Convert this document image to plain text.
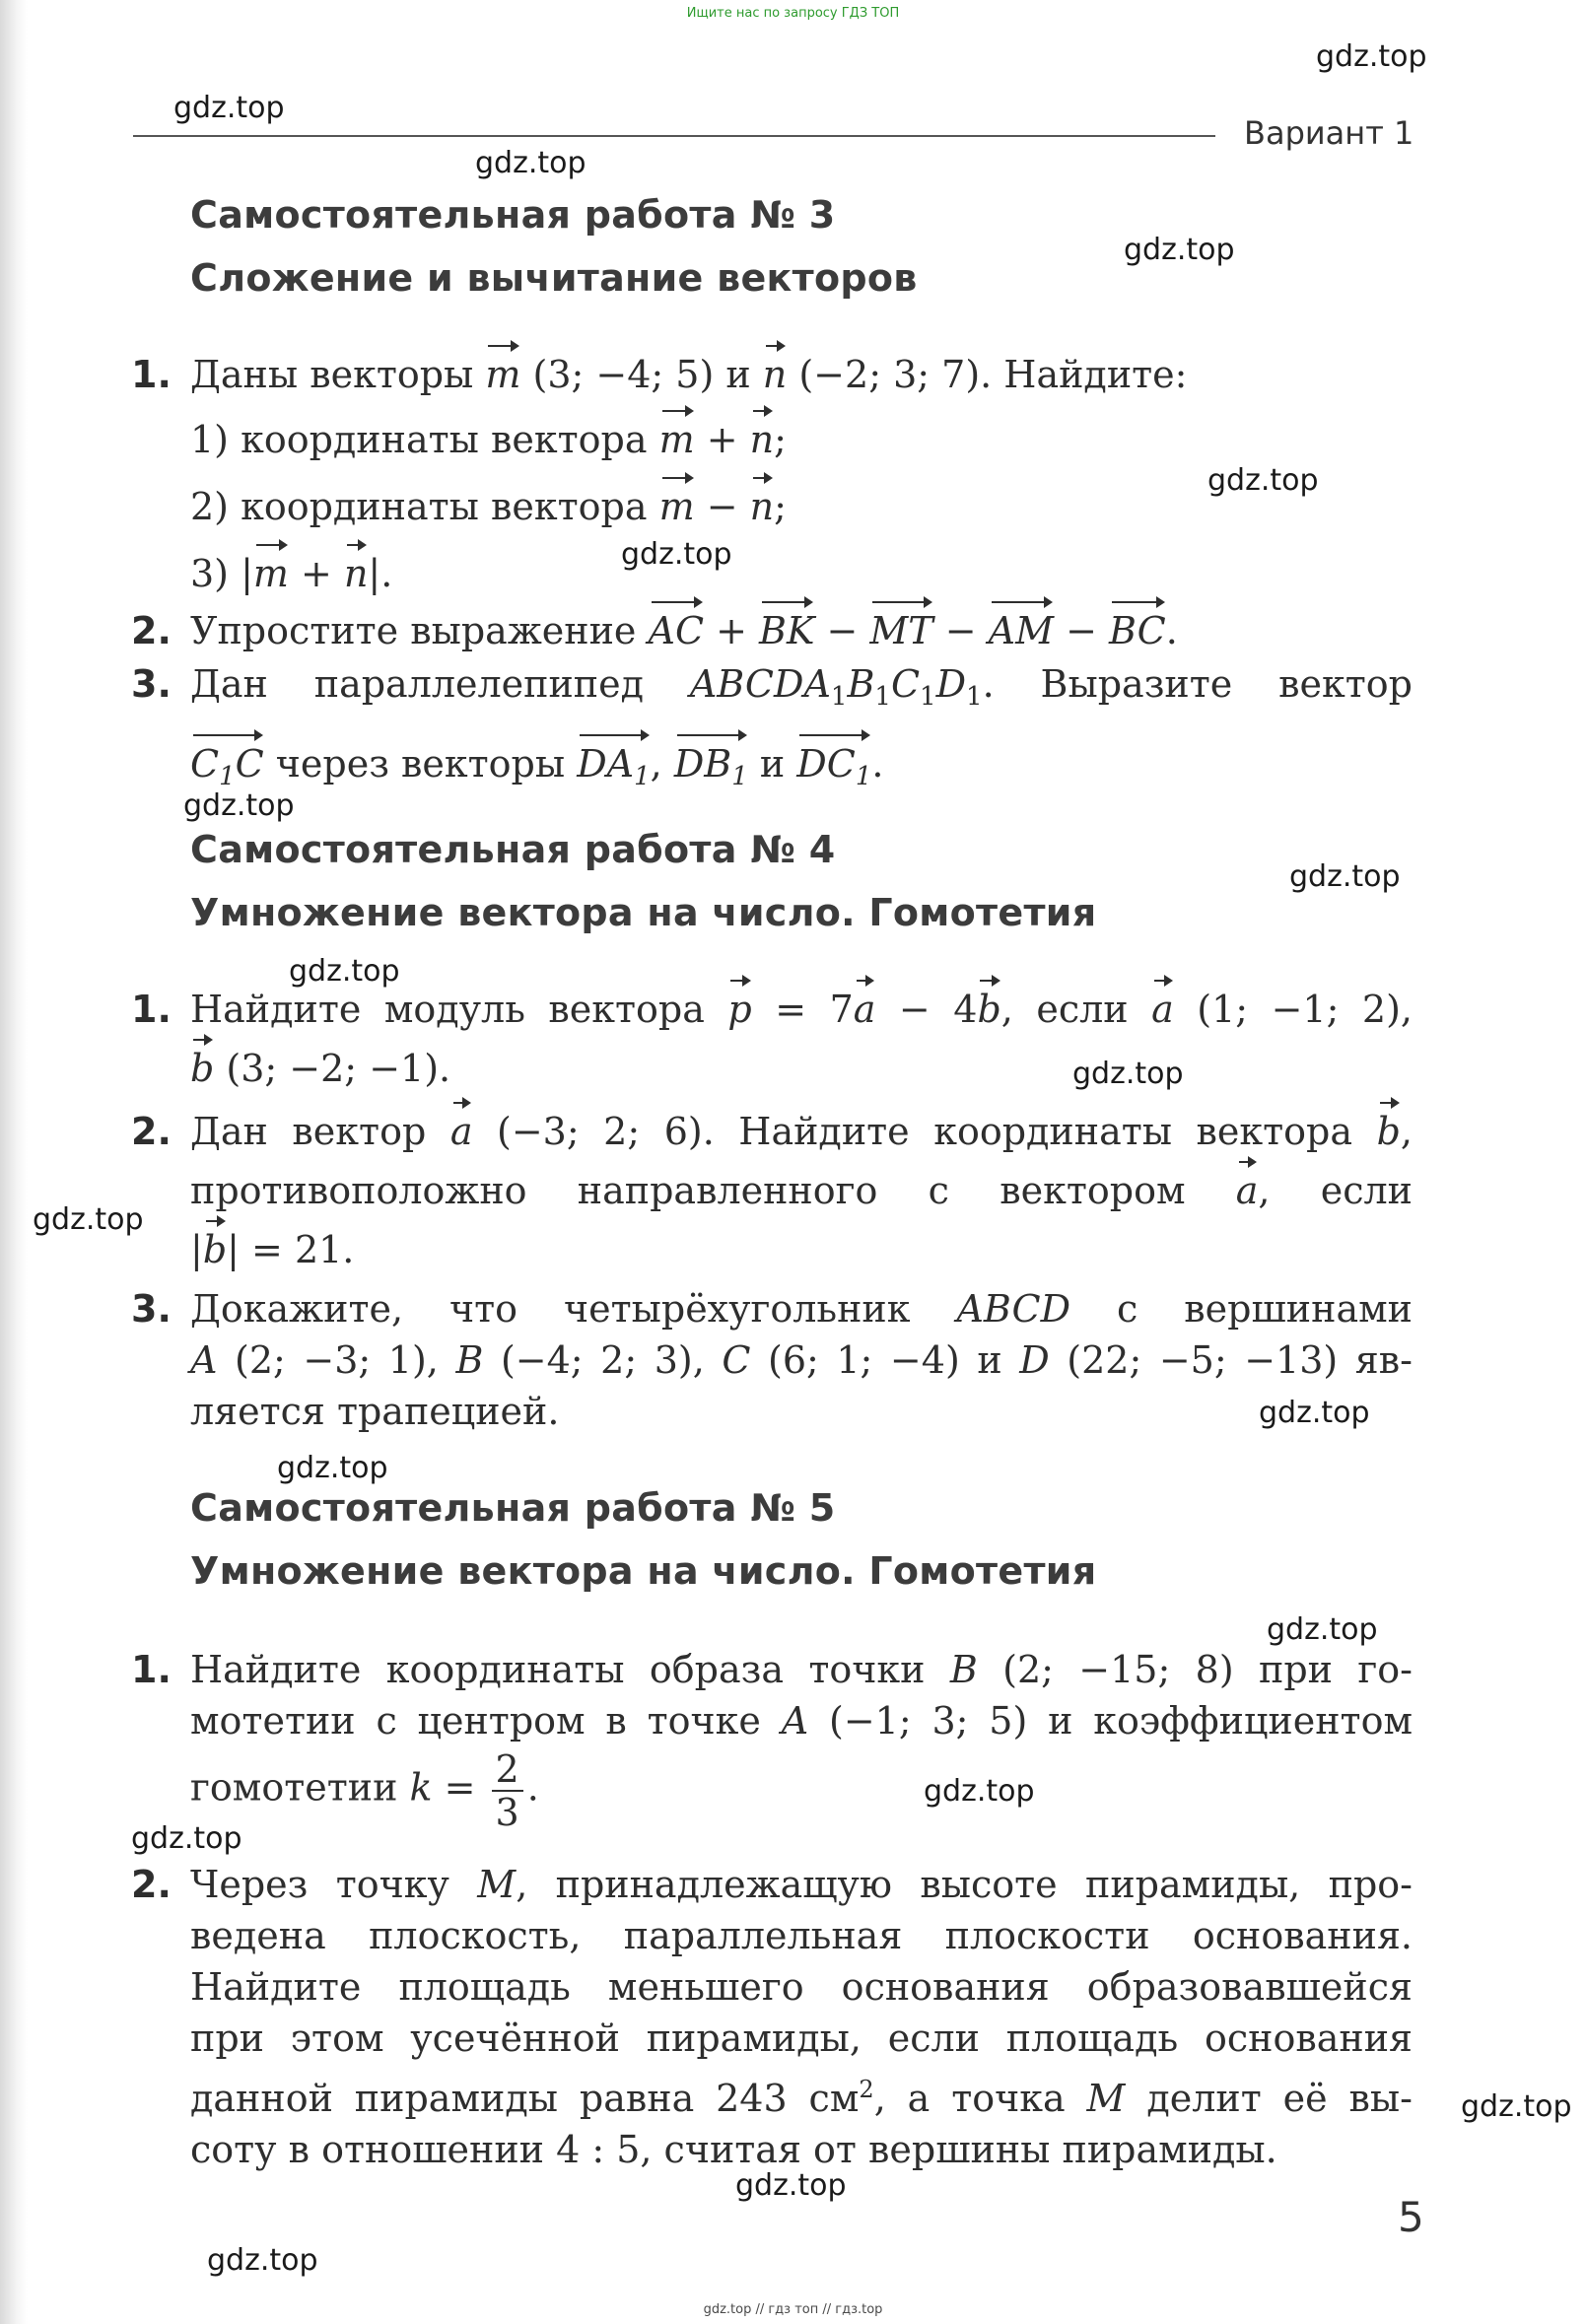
Ищите нас по запросу ГДЗ ТОП
gdz.top
gdz.top
gdz.top
gdz.top
gdz.top
gdz.top
gdz.top
gdz.top
gdz.top
gdz.top
gdz.top
gdz.top
gdz.top
gdz.top
gdz.top
gdz.top
gdz.top
gdz.top
gdz.top
Вариант 1
Самостоятельная работа № 3
Сложение и вычитание векторов
1. Даны векторы m (3; −4; 5) и n (−2; 3; 7). Найдите:
1) координаты вектора m + n;
2) координаты вектора m − n;
3) |m + n|.
2. Упростите выражение AC + BK − MT − AM − BC.
3. Дан параллелепипед $ABCDA_1B_1C_1D_1$. Выразите вектор
$C_1C$ через векторы $DA_1$, $DB_1$ и $DC_1$.
Самостоятельная работа № 4
Умножение вектора на число. Гомотетия
1. Найдите модуль вектора p = 7a − 4b, если a (1; −1; 2),
b (3; −2; −1).
2. Дан вектор a (−3; 2; 6). Найдите координаты вектора b,
противоположно направленного с вектором a, если
|b| = 21.
3. Докажите, что четырёхугольник ABCD с вершинами
A (2; −3; 1), B (−4; 2; 3), C (6; 1; −4) и D (22; −5; −13) яв-
ляется трапецией.
Самостоятельная работа № 5
Умножение вектора на число. Гомотетия
1. Найдите координаты образа точки B (2; −15; 8) при го-
мотетии с центром в точке A (−1; 3; 5) и коэффициентом
гомотетии $k = \frac{2}{3}$ .
2. Через точку M, принадлежащую высоте пирамиды, про-
ведена плоскость, параллельная плоскости основания.
Найдите площадь меньшего основания образовавшейся
при этом усечённой пирамиды, если площадь основания
данной пирамиды равна 243 $см^2$, а точка M делит её вы-
соту в отношении 4 : 5, считая от вершины пирамиды.
5
gdz.top // гдз топ // гдз.top
